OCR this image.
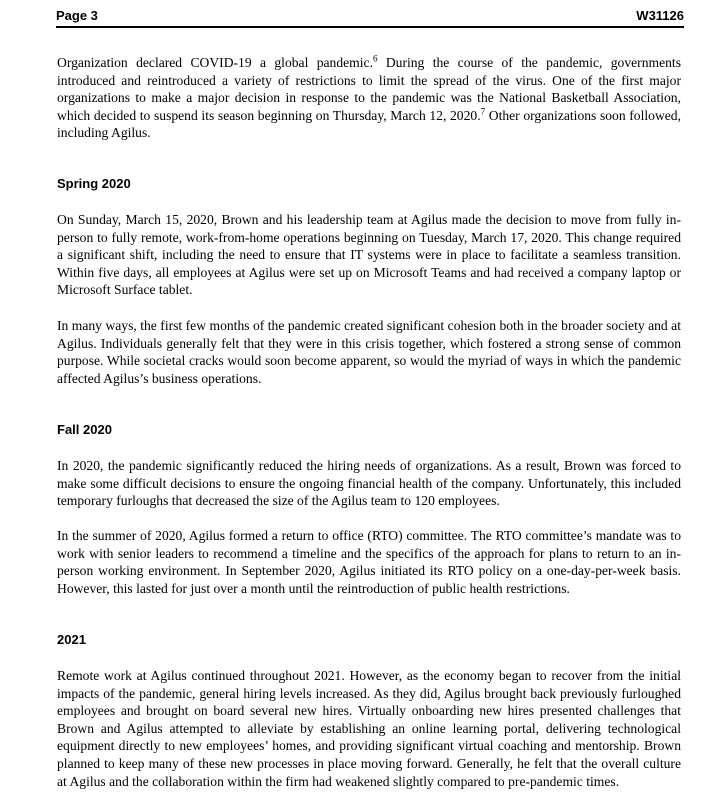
Page 3	W31126

Organization declared COVID-19 a global pandemic.$^6$ During the course of the pandemic, governments introduced and reintroduced a variety of restrictions to limit the spread of the virus. One of the first major organizations to make a major decision in response to the pandemic was the National Basketball Association, which decided to suspend its season beginning on Thursday, March 12, 2020.$^7$ Other organizations soon followed, including Agilus.

Spring 2020

On Sunday, March 15, 2020, Brown and his leadership team at Agilus made the decision to move from fully in-person to fully remote, work-from-home operations beginning on Tuesday, March 17, 2020. This change required a significant shift, including the need to ensure that IT systems were in place to facilitate a seamless transition. Within five days, all employees at Agilus were set up on Microsoft Teams and had received a company laptop or Microsoft Surface tablet.

In many ways, the first few months of the pandemic created significant cohesion both in the broader society and at Agilus. Individuals generally felt that they were in this crisis together, which fostered a strong sense of common purpose. While societal cracks would soon become apparent, so would the myriad of ways in which the pandemic affected Agilus’s business operations.

Fall 2020

In 2020, the pandemic significantly reduced the hiring needs of organizations. As a result, Brown was forced to make some difficult decisions to ensure the ongoing financial health of the company. Unfortunately, this included temporary furloughs that decreased the size of the Agilus team to 120 employees.

In the summer of 2020, Agilus formed a return to office (RTO) committee. The RTO committee’s mandate was to work with senior leaders to recommend a timeline and the specifics of the approach for plans to return to an in-person working environment. In September 2020, Agilus initiated its RTO policy on a one-day-per-week basis. However, this lasted for just over a month until the reintroduction of public health restrictions.

2021

Remote work at Agilus continued throughout 2021. However, as the economy began to recover from the initial impacts of the pandemic, general hiring levels increased. As they did, Agilus brought back previously furloughed employees and brought on board several new hires. Virtually onboarding new hires presented challenges that Brown and Agilus attempted to alleviate by establishing an online learning portal, delivering technological equipment directly to new employees’ homes, and providing significant virtual coaching and mentorship. Brown planned to keep many of these new processes in place moving forward. Generally, he felt that the overall culture at Agilus and the collaboration within the firm had weakened slightly compared to pre-pandemic times.
